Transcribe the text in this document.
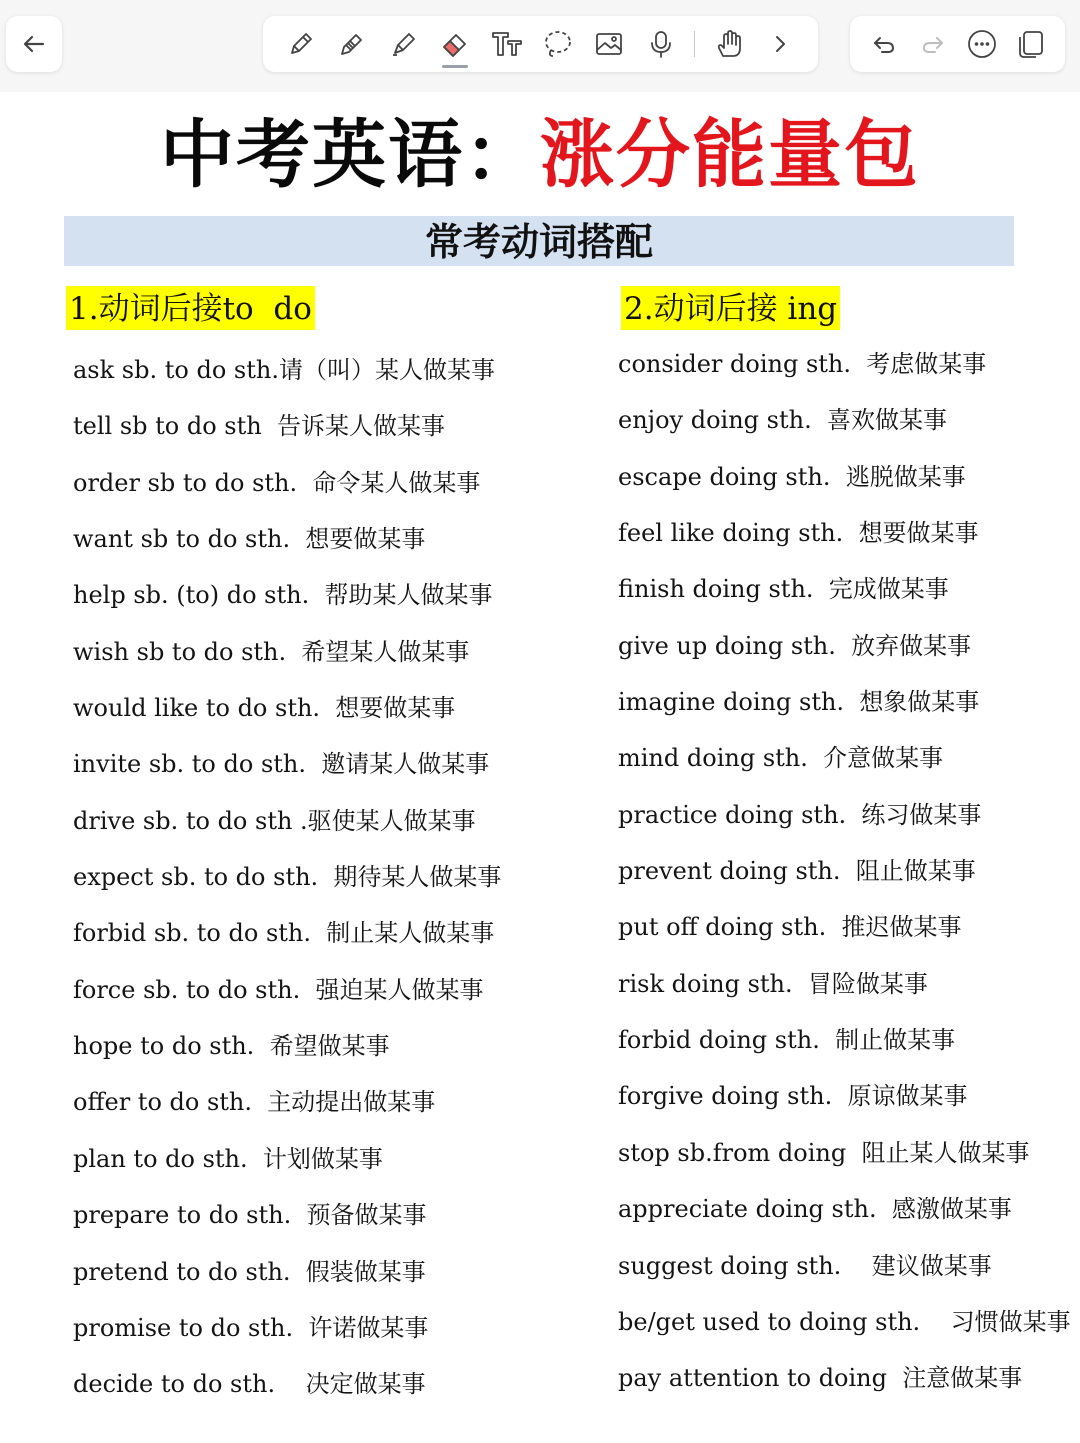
中考英语：涨分能量包
常考动词搭配
1.动词后接to  do	2.动词后接 ing
ask sb. to do sth.请（叫）某人做某事
tell sb to do sth  告诉某人做某事
order sb to do sth.  命令某人做某事
want sb to do sth.  想要做某事
help sb. (to) do sth.  帮助某人做某事
wish sb to do sth.  希望某人做某事
would like to do sth.  想要做某事
invite sb. to do sth.  邀请某人做某事
drive sb. to do sth .驱使某人做某事
expect sb. to do sth.  期待某人做某事
forbid sb. to do sth.  制止某人做某事
force sb. to do sth.  强迫某人做某事
hope to do sth.  希望做某事
offer to do sth.  主动提出做某事
plan to do sth.  计划做某事
prepare to do sth.  预备做某事
pretend to do sth.  假装做某事
promise to do sth.  许诺做某事
decide to do sth.    决定做某事
consider doing sth.  考虑做某事
enjoy doing sth.  喜欢做某事
escape doing sth.  逃脱做某事
feel like doing sth.  想要做某事
finish doing sth.  完成做某事
give up doing sth.  放弃做某事
imagine doing sth.  想象做某事
mind doing sth.  介意做某事
practice doing sth.  练习做某事
prevent doing sth.  阻止做某事
put off doing sth.  推迟做某事
risk doing sth.  冒险做某事
forbid doing sth.  制止做某事
forgive doing sth.  原谅做某事
stop sb.from doing  阻止某人做某事
appreciate doing sth.  感激做某事
suggest doing sth.    建议做某事
be/get used to doing sth.    习惯做某事
pay attention to doing  注意做某事
